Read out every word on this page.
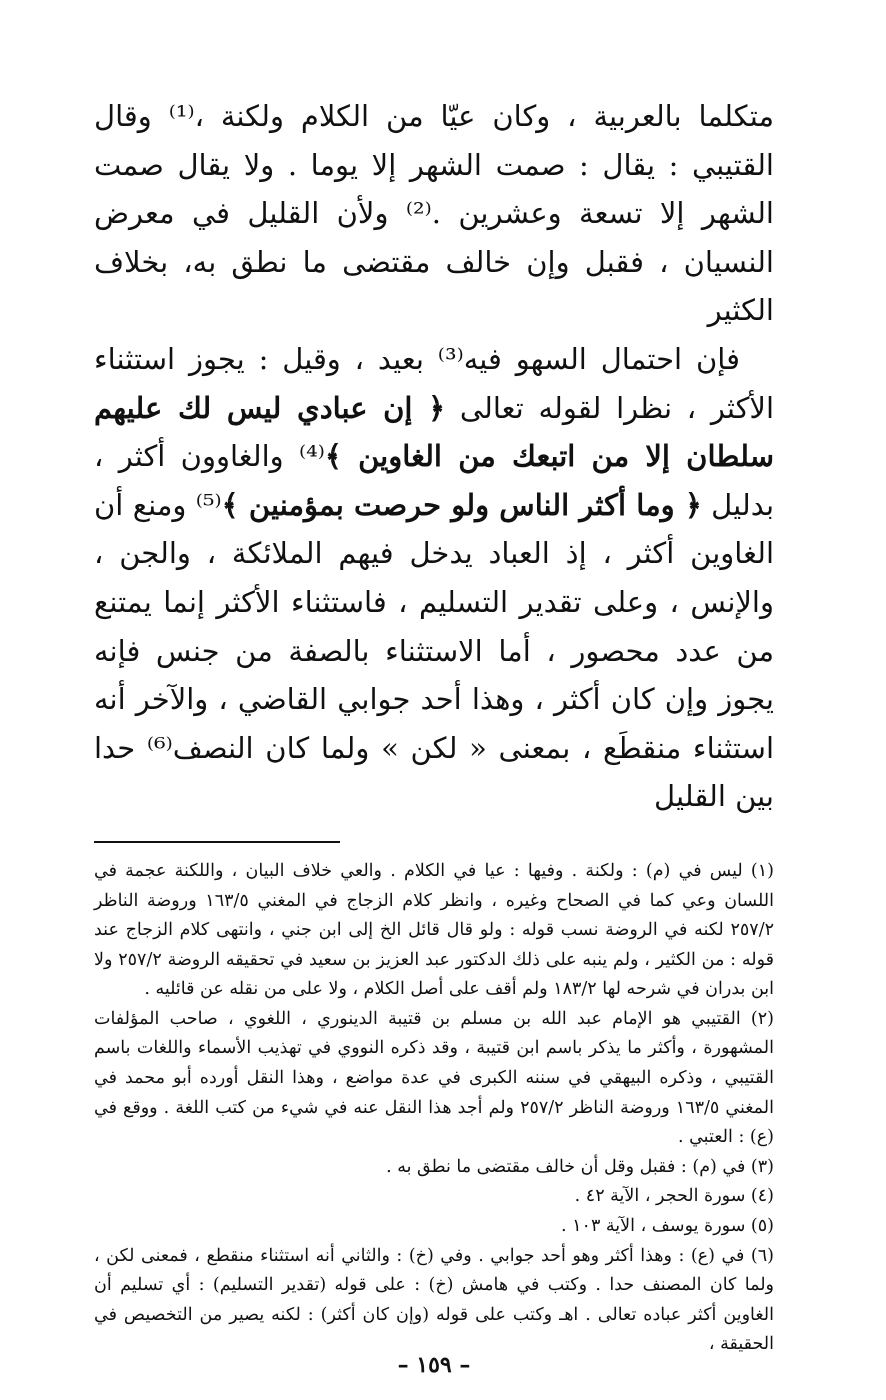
متكلما بالعربية ، وكان عيّا من الكلام ولكنة ،⁽¹⁾ وقال القتيبي : يقال : صمت الشهر إلا يوما . ولا يقال صمت الشهر إلا تسعة وعشرين .⁽²⁾ ولأن القليل في معرض النسيان ، فقبل وإن خالف مقتضى ما نطق به، بخلاف الكثير

فإن احتمال السهو فيه⁽³⁾ بعيد ، وقيل : يجوز استثناء الأكثر ، نظرا لقوله تعالى ﴿ إن عبادي ليس لك عليهم سلطان إلا من اتبعك من الغاوين ﴾⁽⁴⁾ والغاوون أكثر ، بدليل ﴿ وما أكثر الناس ولو حرصت بمؤمنين ﴾⁽⁵⁾ ومنع أن الغاوين أكثر ، إذ العباد يدخل فيهم الملائكة ، والجن ، والإنس ، وعلى تقدير التسليم ، فاستثناء الأكثر إنما يمتنع من عدد محصور ، أما الاستثناء بالصفة من جنس فإنه يجوز وإن كان أكثر ، وهذا أحد جوابي القاضي ، والآخر أنه استثناء منقطَع ، بمعنى « لكن » ولما كان النصف⁽⁶⁾ حدا بين القليل

(١) ليس في (م) : ولكنة . وفيها : عيا في الكلام . والعي خلاف البيان ، واللكنة عجمة في اللسان وعي كما في الصحاح وغيره ، وانظر كلام الزجاج في المغني ١٦٣/٥ وروضة الناظر ٢٥٧/٢ لكنه في الروضة نسب قوله : ولو قال قائل الخ إلى ابن جني ، وانتهى كلام الزجاج عند قوله : من الكثير ، ولم ينبه على ذلك الدكتور عبد العزيز بن سعيد في تحقيقه الروضة ٢٥٧/٢ ولا ابن بدران في شرحه لها ١٨٣/٢ ولم أقف على أصل الكلام ، ولا على من نقله عن قائليه .

(٢) القتيبي هو الإمام عبد الله بن مسلم بن قتيبة الدينوري ، اللغوي ، صاحب المؤلفات المشهورة ، وأكثر ما يذكر باسم ابن قتيبة ، وقد ذكره النووي في تهذيب الأسماء واللغات باسم القتيبي ، وذكره البيهقي في سننه الكبرى في عدة مواضع ، وهذا النقل أورده أبو محمد في المغني ١٦٣/٥ وروضة الناظر ٢٥٧/٢ ولم أجد هذا النقل عنه في شيء من كتب اللغة . ووقع في (ع) : العتبي .

(٣) في (م) : فقبل وقل أن خالف مقتضى ما نطق به .

(٤) سورة الحجر ، الآية ٤٢ .

(٥) سورة يوسف ، الآية ١٠٣ .

(٦) في (ع) : وهذا أكثر وهو أحد جوابي . وفي (خ) : والثاني أنه استثناء منقطع ، فمعنى لكن ، ولما كان المصنف حدا . وكتب في هامش (خ) : على قوله (تقدير التسليم) : أي تسليم أن الغاوين أكثر عباده تعالى . اهـ وكتب على قوله (وإن كان أكثر) : لكنه يصير من التخصيص في الحقيقة ،

– ١٥٩ –
